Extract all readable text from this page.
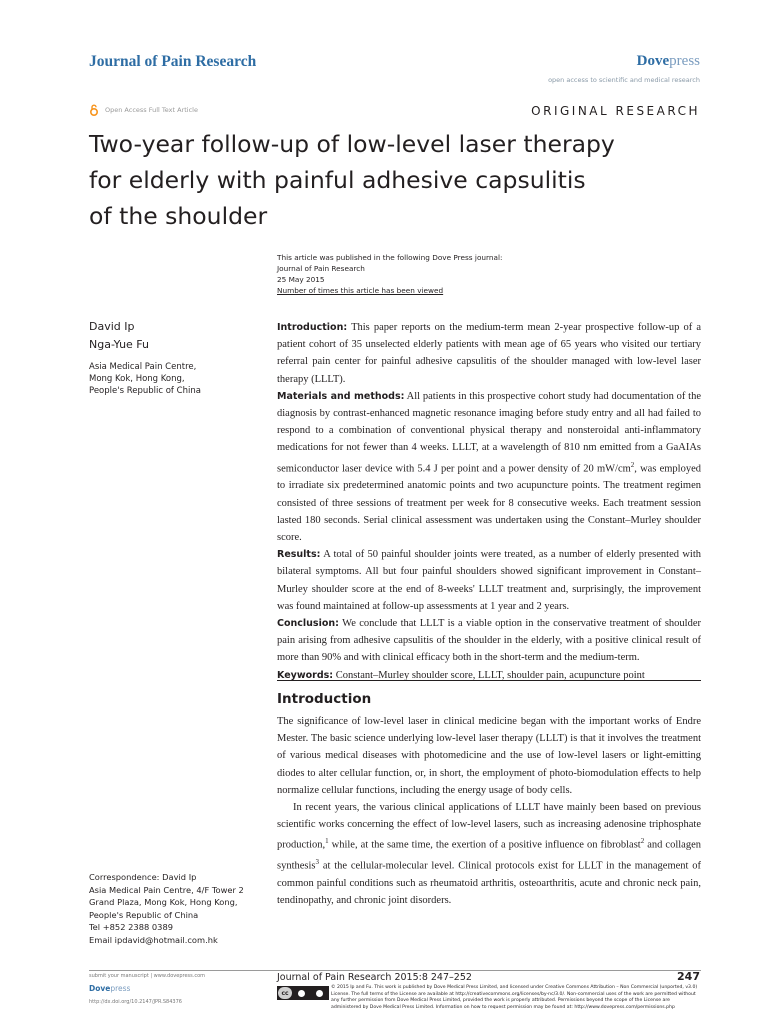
Journal of Pain Research	Dovepress
open access to scientific and medical research
Open Access Full Text Article	ORIGINAL RESEARCH
Two-year follow-up of low-level laser therapy
for elderly with painful adhesive capsulitis
of the shoulder
This article was published in the following Dove Press journal:
Journal of Pain Research
25 May 2015
Number of times this article has been viewed
David Ip
Nga-Yue Fu
Asia Medical Pain Centre,
Mong Kok, Hong Kong,
People's Republic of China

Introduction: This paper reports on the medium-term mean 2-year prospective follow-up of a patient cohort of 35 unselected elderly patients with mean age of 65 years who visited our tertiary referral pain center for painful adhesive capsulitis of the shoulder managed with low-level laser therapy (LLLT).

Materials and methods: All patients in this prospective cohort study had documentation of the diagnosis by contrast-enhanced magnetic resonance imaging before study entry and all had failed to respond to a combination of conventional physical therapy and nonsteroidal anti-inflammatory medications for not fewer than 4 weeks. LLLT, at a wavelength of 810 nm emitted from a GaAIAs semiconductor laser device with 5.4 J per point and a power density of 20 $mW/cm^2$, was employed to irradiate six predetermined anatomic points and two acupuncture points. The treatment regimen consisted of three sessions of treatment per week for 8 consecutive weeks. Each treatment session lasted 180 seconds. Serial clinical assessment was undertaken using the Constant–Murley shoulder score.

Results: A total of 50 painful shoulder joints were treated, as a number of elderly presented with bilateral symptoms. All but four painful shoulders showed significant improvement in Constant–Murley shoulder score at the end of 8-weeks' LLLT treatment and, surprisingly, the improvement was found maintained at follow-up assessments at 1 year and 2 years.

Conclusion: We conclude that LLLT is a viable option in the conservative treatment of shoulder pain arising from adhesive capsulitis of the shoulder in the elderly, with a positive clinical result of more than 90% and with clinical efficacy both in the short-term and the medium-term.

Keywords: Constant–Murley shoulder score, LLLT, shoulder pain, acupuncture point

Introduction

The significance of low-level laser in clinical medicine began with the important works of Endre Mester. The basic science underlying low-level laser therapy (LLLT) is that it involves the treatment of various medical diseases with photomedicine and the use of low-level lasers or light-emitting diodes to alter cellular function, or, in short, the employment of photo-biomodulation effects to help normalize cellular functions, including the energy usage of body cells.

In recent years, the various clinical applications of LLLT have mainly been based on previous scientific works concerning the effect of low-level lasers, such as increasing adenosine triphosphate production,$^1$ while, at the same time, the exertion of a positive influence on fibroblast$^2$ and collagen synthesis$^3$ at the cellular-molecular level. Clinical protocols exist for LLLT in the management of common painful conditions such as rheumatoid arthritis, osteoarthritis, acute and chronic neck pain, tendinopathy, and chronic joint disorders.

Correspondence: David Ip
Asia Medical Pain Centre, 4/F Tower 2
Grand Plaza, Mong Kok, Hong Kong,
People's Republic of China
Tel +852 2388 0389
Email ipdavid@hotmail.com.hk
submit your manuscript | www.dovepress.com
Dovepress
http://dx.doi.org/10.2147/JPR.S84376
Journal of Pain Research 2015:8 247–252	247
cc
© 2015 Ip and Fu. This work is published by Dove Medical Press Limited, and licensed under Creative Commons Attribution – Non Commercial (unported, v3.0) License. The full terms of the License are available at http://creativecommons.org/licenses/by-nc/3.0/. Non-commercial uses of the work are permitted without any further permission from Dove Medical Press Limited, provided the work is properly attributed. Permissions beyond the scope of the License are administered by Dove Medical Press Limited. Information on how to request permission may be found at: http://www.dovepress.com/permissions.php
